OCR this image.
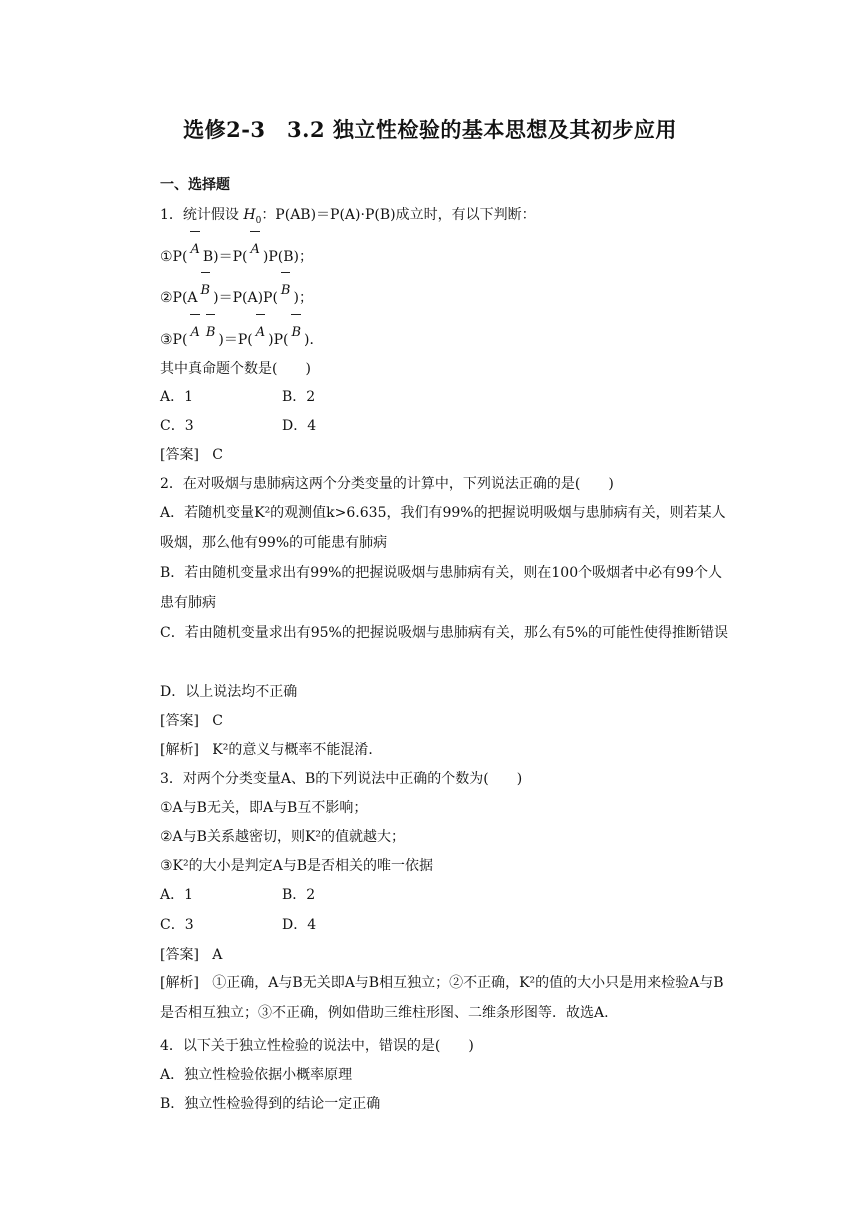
选修2-3　3.2 独立性检验的基本思想及其初步应用
一、选择题
1．统计假设 $H_0$：P(AB)＝P(A)·P(B)成立时，有以下判断：
①P( A B)＝P( A )P(B)；
②P(A B )＝P(A)P( B )；
③P( A B )＝P( A )P( B )．
其中真命题个数是(　　)
A．1	B．2
C．3	D．4
[答案] C
2．在对吸烟与患肺病这两个分类变量的计算中，下列说法正确的是(　　)
A．若随机变量K²的观测值k>6.635，我们有99%的把握说明吸烟与患肺病有关，则若某人吸烟，那么他有99%的可能患有肺病
B．若由随机变量求出有99%的把握说吸烟与患肺病有关，则在100个吸烟者中必有99个人患有肺病
C．若由随机变量求出有95%的把握说吸烟与患肺病有关，那么有5%的可能性使得推断错误
D．以上说法均不正确
[答案] C
[解析] K²的意义与概率不能混淆．
3．对两个分类变量A、B的下列说法中正确的个数为(　　)
①A与B无关，即A与B互不影响；
②A与B关系越密切，则K²的值就越大；
③K²的大小是判定A与B是否相关的唯一依据
A．1	B．2
C．3	D．4
[答案] A
[解析] ①正确，A与B无关即A与B相互独立；②不正确，K²的值的大小只是用来检验A与B是否相互独立；③不正确，例如借助三维柱形图、二维条形图等．故选A.
4．以下关于独立性检验的说法中，错误的是(　　)
A．独立性检验依据小概率原理
B．独立性检验得到的结论一定正确
